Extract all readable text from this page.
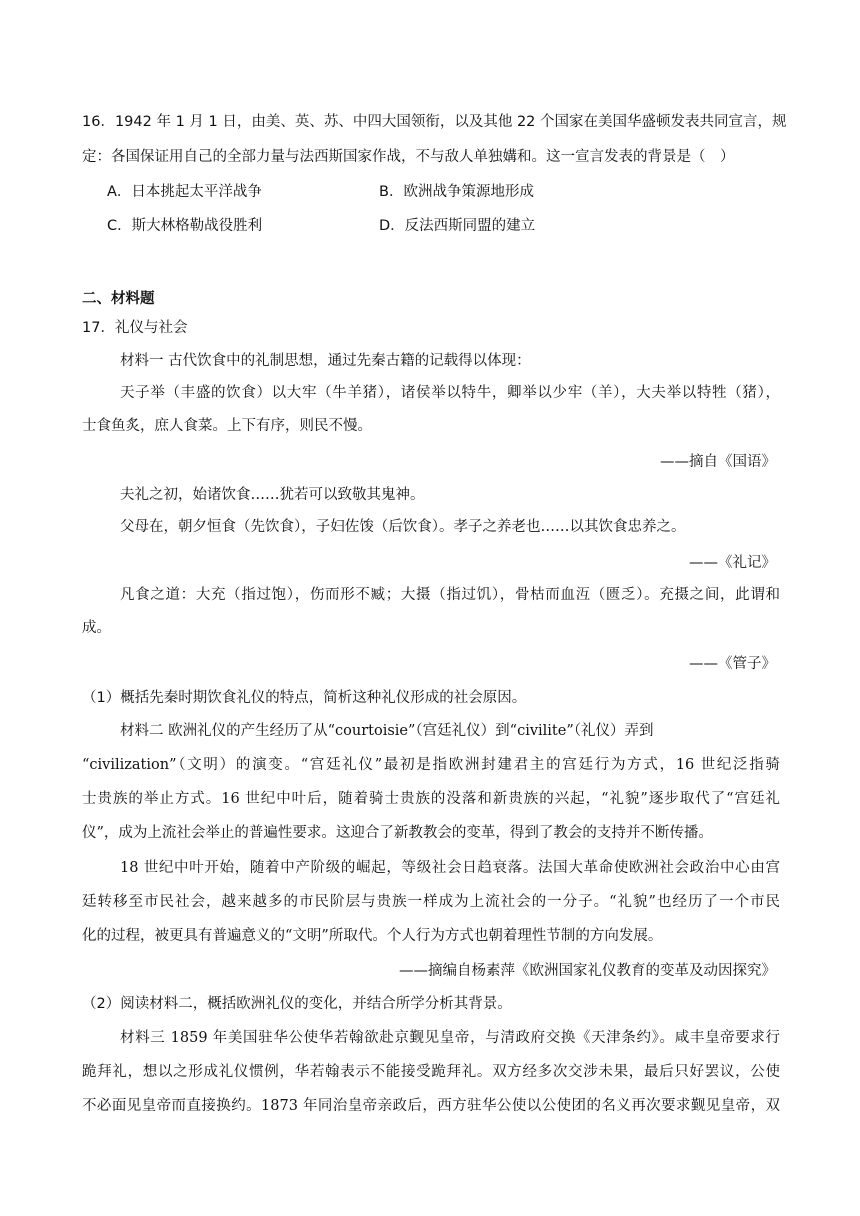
16．1942 年 1 月 1 日，由美、英、苏、中四大国领衔，以及其他 22 个国家在美国华盛顿发表共同宣言，规
定：各国保证用自己的全部力量与法西斯国家作战，不与敌人单独媾和。这一宣言发表的背景是（　）
A．日本挑起太平洋战争	B．欧洲战争策源地形成
C．斯大林格勒战役胜利	D．反法西斯同盟的建立
二、材料题
17．礼仪与社会
材料一 古代饮食中的礼制思想，通过先秦古籍的记载得以体现：
天子举（丰盛的饮食）以大牢（牛羊猪），诸侯举以特牛，卿举以少牢（羊），大夫举以特牲（猪），
士食鱼炙，庶人食菜。上下有序，则民不慢。
——摘自《国语》
夫礼之初，始诸饮食……犹若可以致敬其鬼神。
父母在，朝夕恒食（先饮食），子妇佐馂（后饮食）。孝子之养老也……以其饮食忠养之。
——《礼记》
凡食之道：大充（指过饱），伤而形不臧；大摄（指过饥），骨枯而血沍（匮乏）。充摄之间，此谓和
成。
——《管子》
（1）概括先秦时期饮食礼仪的特点，简析这种礼仪形成的社会原因。
材料二 欧洲礼仪的产生经历了从“courtoisie”（宫廷礼仪）到“civilite”（礼仪）弄到
“civilization”（文明）的演变。“宫廷礼仪”最初是指欧洲封建君主的宫廷行为方式，16 世纪泛指骑
士贵族的举止方式。16 世纪中叶后，随着骑士贵族的没落和新贵族的兴起，“礼貌”逐步取代了“宫廷礼
仪”，成为上流社会举止的普遍性要求。这迎合了新教教会的变革，得到了教会的支持并不断传播。
18 世纪中叶开始，随着中产阶级的崛起，等级社会日趋衰落。法国大革命使欧洲社会政治中心由宫
廷转移至市民社会，越来越多的市民阶层与贵族一样成为上流社会的一分子。“礼貌”也经历了一个市民
化的过程，被更具有普遍意义的“文明”所取代。个人行为方式也朝着理性节制的方向发展。
——摘编自杨素萍《欧洲国家礼仪教育的变革及动因探究》
（2）阅读材料二，概括欧洲礼仪的变化，并结合所学分析其背景。
材料三 1859 年美国驻华公使华若翰欲赴京觐见皇帝，与清政府交换《天津条约》。咸丰皇帝要求行
跪拜礼，想以之形成礼仪惯例，华若翰表示不能接受跪拜礼。双方经多次交涉未果，最后只好罢议，公使
不必面见皇帝而直接换约。1873 年同治皇帝亲政后，西方驻华公使以公使团的名义再次要求觐见皇帝，双
